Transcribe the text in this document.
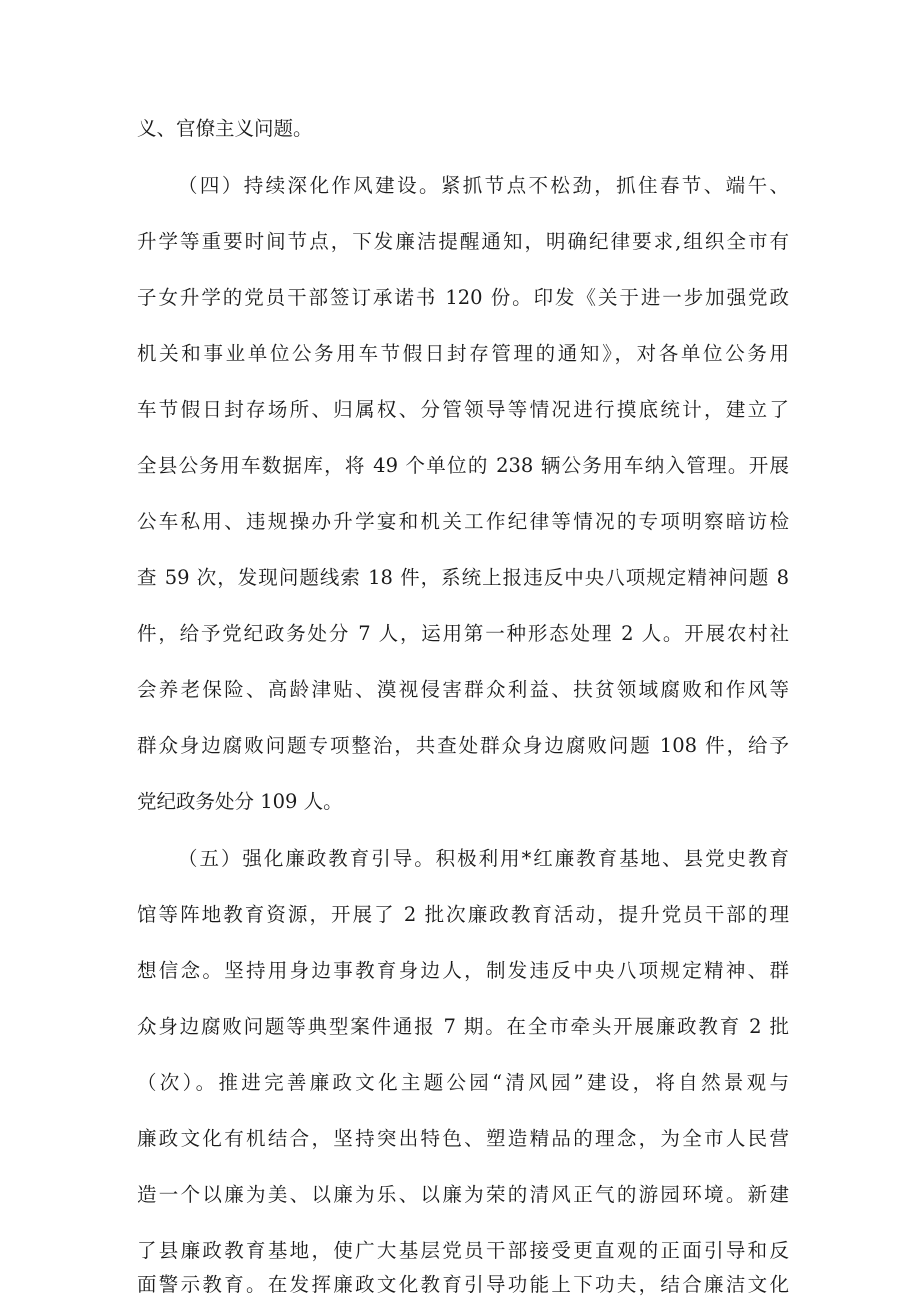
义、官僚主义问题。
（四）持续深化作风建设。紧抓节点不松劲，抓住春节、端午、
升学等重要时间节点，下发廉洁提醒通知，明确纪律要求,组织全市有
子女升学的党员干部签订承诺书 120 份。印发《关于进一步加强党政
机关和事业单位公务用车节假日封存管理的通知》，对各单位公务用
车节假日封存场所、归属权、分管领导等情况进行摸底统计，建立了
全县公务用车数据库，将 49 个单位的 238 辆公务用车纳入管理。开展
公车私用、违规操办升学宴和机关工作纪律等情况的专项明察暗访检
查 59 次，发现问题线索 18 件，系统上报违反中央八项规定精神问题 8
件，给予党纪政务处分 7 人，运用第一种形态处理 2 人。开展农村社
会养老保险、高龄津贴、漠视侵害群众利益、扶贫领域腐败和作风等
群众身边腐败问题专项整治，共查处群众身边腐败问题 108 件，给予
党纪政务处分 109 人。
（五）强化廉政教育引导。积极利用*红廉教育基地、县党史教育
馆等阵地教育资源，开展了 2 批次廉政教育活动，提升党员干部的理
想信念。坚持用身边事教育身边人，制发违反中央八项规定精神、群
众身边腐败问题等典型案件通报 7 期。在全市牵头开展廉政教育 2 批
（次）。推进完善廉政文化主题公园“清风园”建设，将自然景观与
廉政文化有机结合，坚持突出特色、塑造精品的理念，为全市人民营
造一个以廉为美、以廉为乐、以廉为荣的清风正气的游园环境。新建
了县廉政教育基地，使广大基层党员干部接受更直观的正面引导和反
面警示教育。在发挥廉政文化教育引导功能上下功夫，结合廉洁文化
